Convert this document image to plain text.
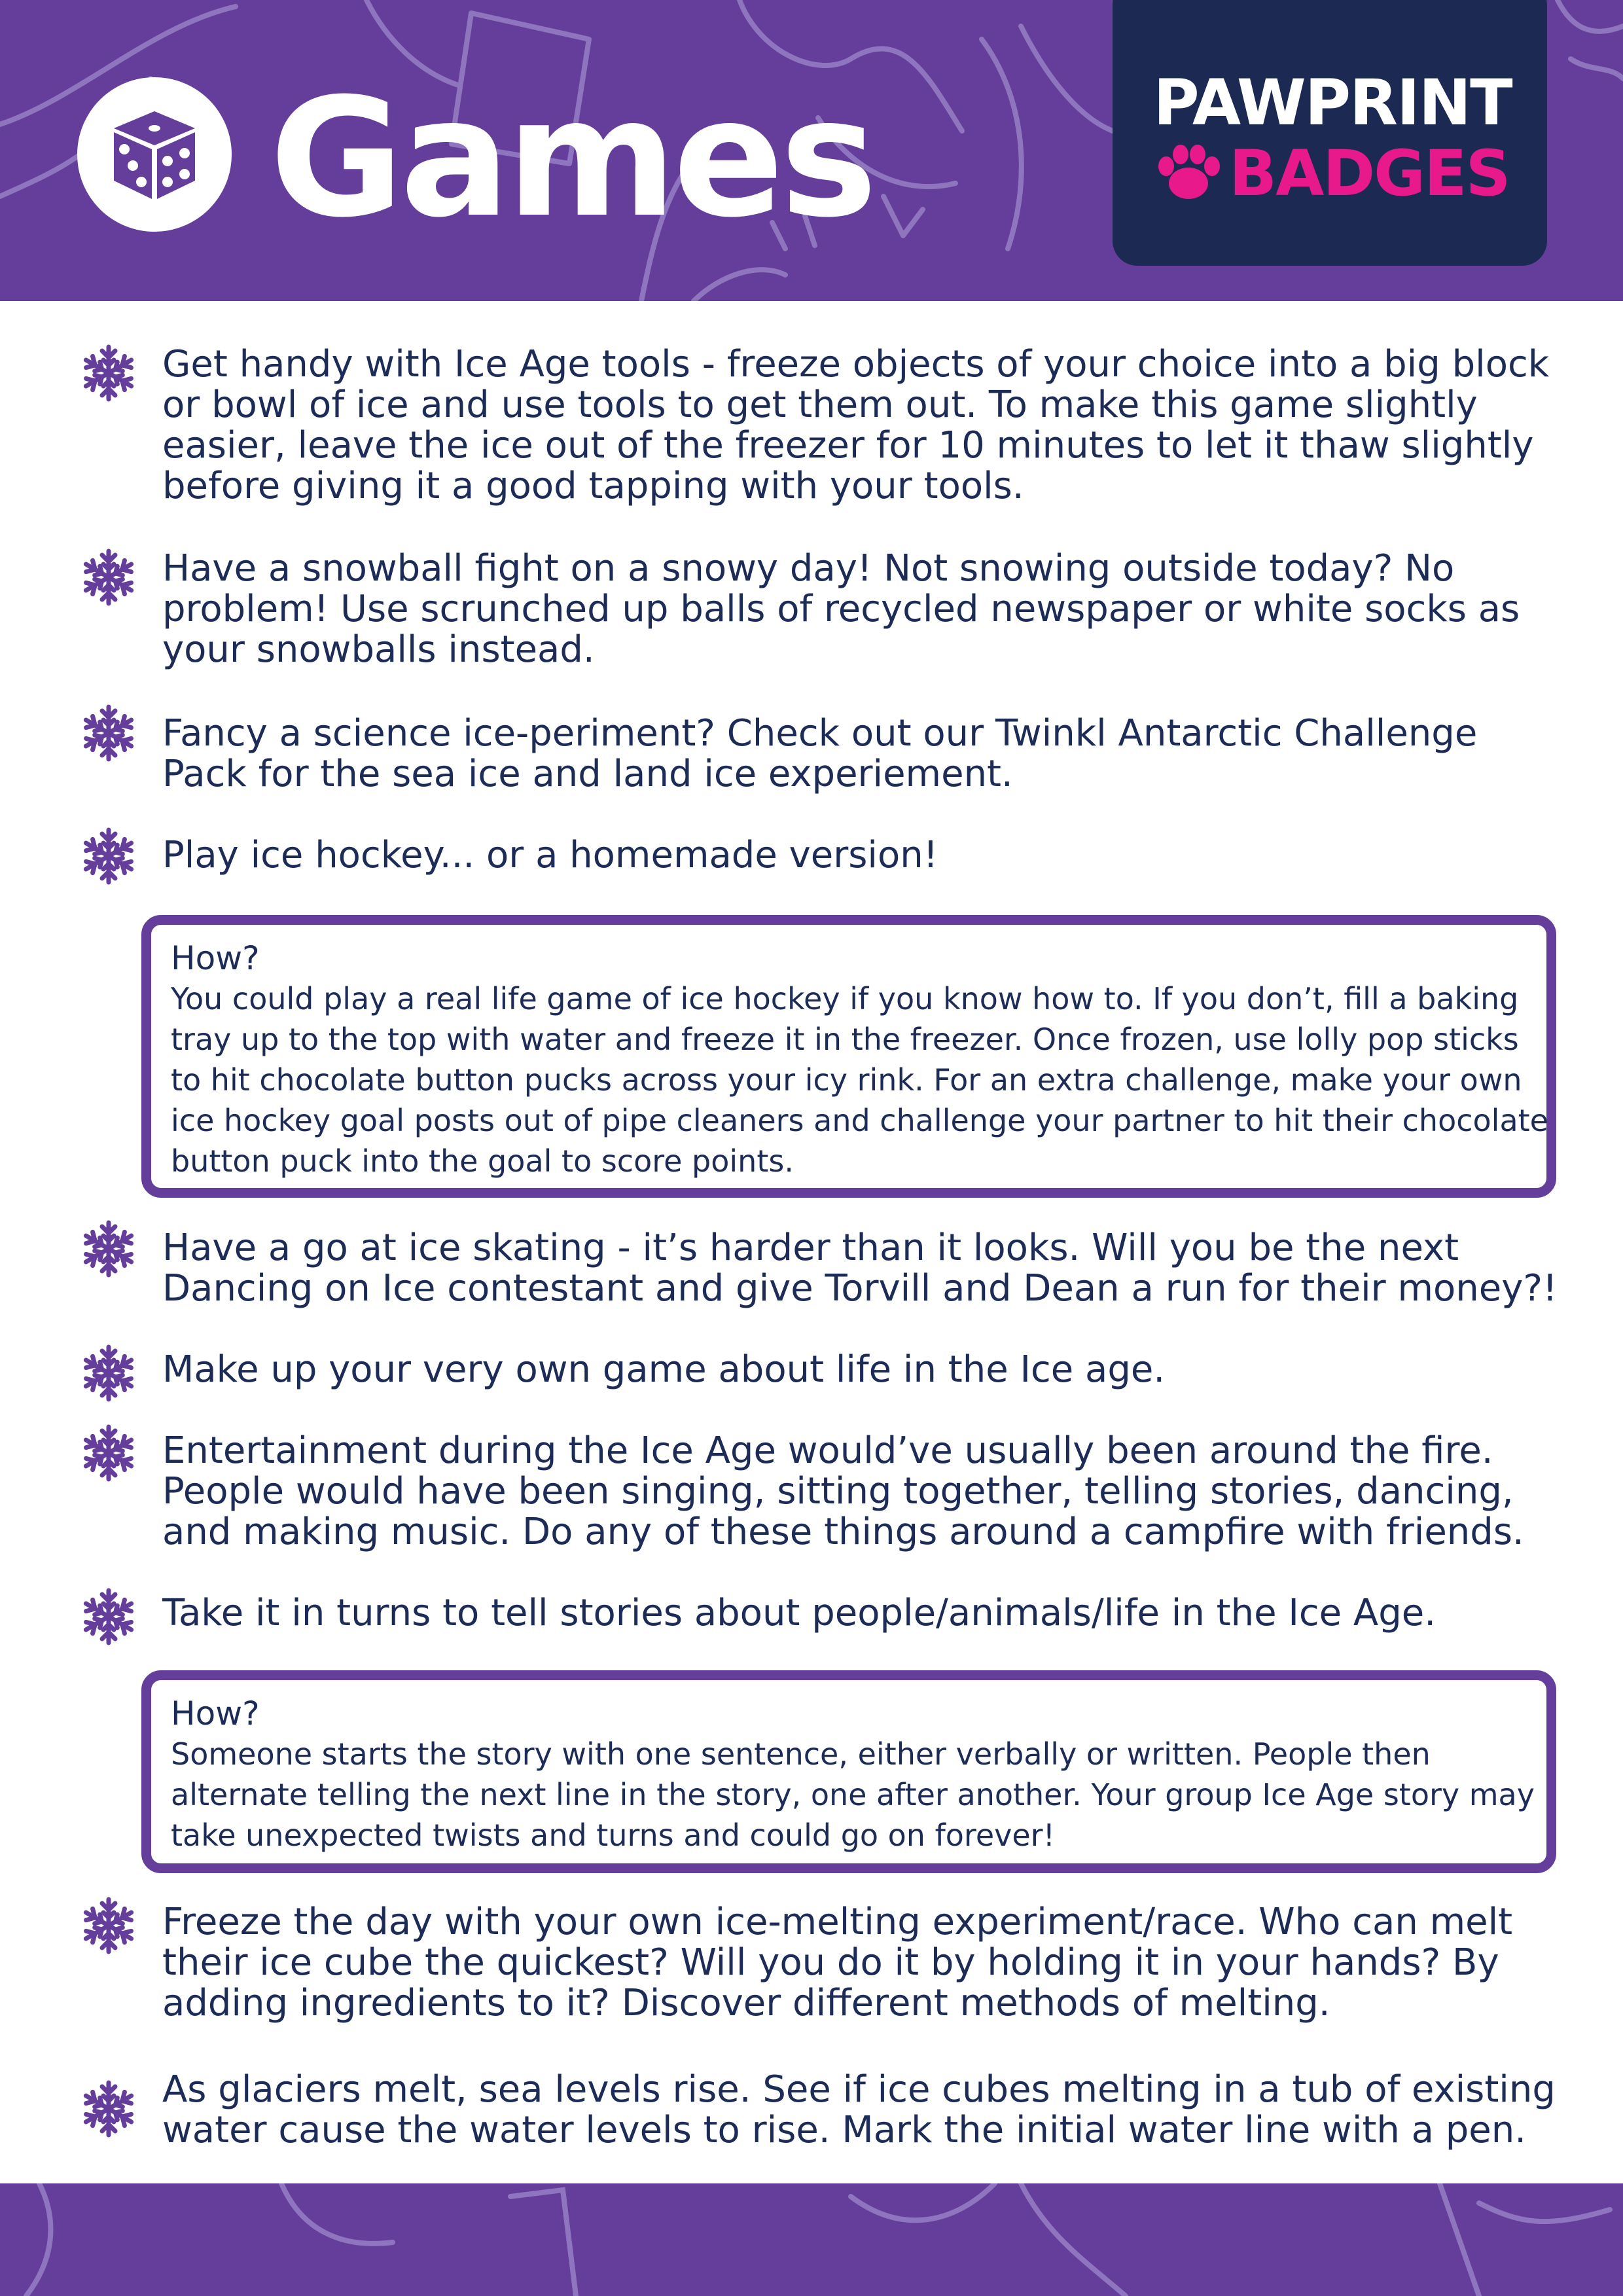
Games	PAWPRINT
BADGES

Get handy with Ice Age tools - freeze objects of your choice into a big block or bowl of ice and use tools to get them out. To make this game slightly easier, leave the ice out of the freezer for 10 minutes to let it thaw slightly before giving it a good tapping with your tools.

Have a snowball fight on a snowy day! Not snowing outside today? No problem! Use scrunched up balls of recycled newspaper or white socks as your snowballs instead.

Fancy a science ice-periment? Check out our Twinkl Antarctic Challenge Pack for the sea ice and land ice experiement.

Play ice hockey... or a homemade version!

How?

You could play a real life game of ice hockey if you know how to. If you don’t, fill a baking tray up to the top with water and freeze it in the freezer. Once frozen, use lolly pop sticks to hit chocolate button pucks across your icy rink. For an extra challenge, make your own ice hockey goal posts out of pipe cleaners and challenge your partner to hit their chocolate button puck into the goal to score points.

Have a go at ice skating - it’s harder than it looks. Will you be the next Dancing on Ice contestant and give Torvill and Dean a run for their money?!

Make up your very own game about life in the Ice age.

Entertainment during the Ice Age would’ve usually been around the fire. People would have been singing, sitting together, telling stories, dancing, and making music. Do any of these things around a campfire with friends.

Take it in turns to tell stories about people/animals/life in the Ice Age.

How?

Someone starts the story with one sentence, either verbally or written. People then alternate telling the next line in the story, one after another. Your group Ice Age story may take unexpected twists and turns and could go on forever!

Freeze the day with your own ice-melting experiment/race. Who can melt their ice cube the quickest? Will you do it by holding it in your hands? By adding ingredients to it? Discover different methods of melting.

As glaciers melt, sea levels rise. See if ice cubes melting in a tub of existing water cause the water levels to rise. Mark the initial water line with a pen.
